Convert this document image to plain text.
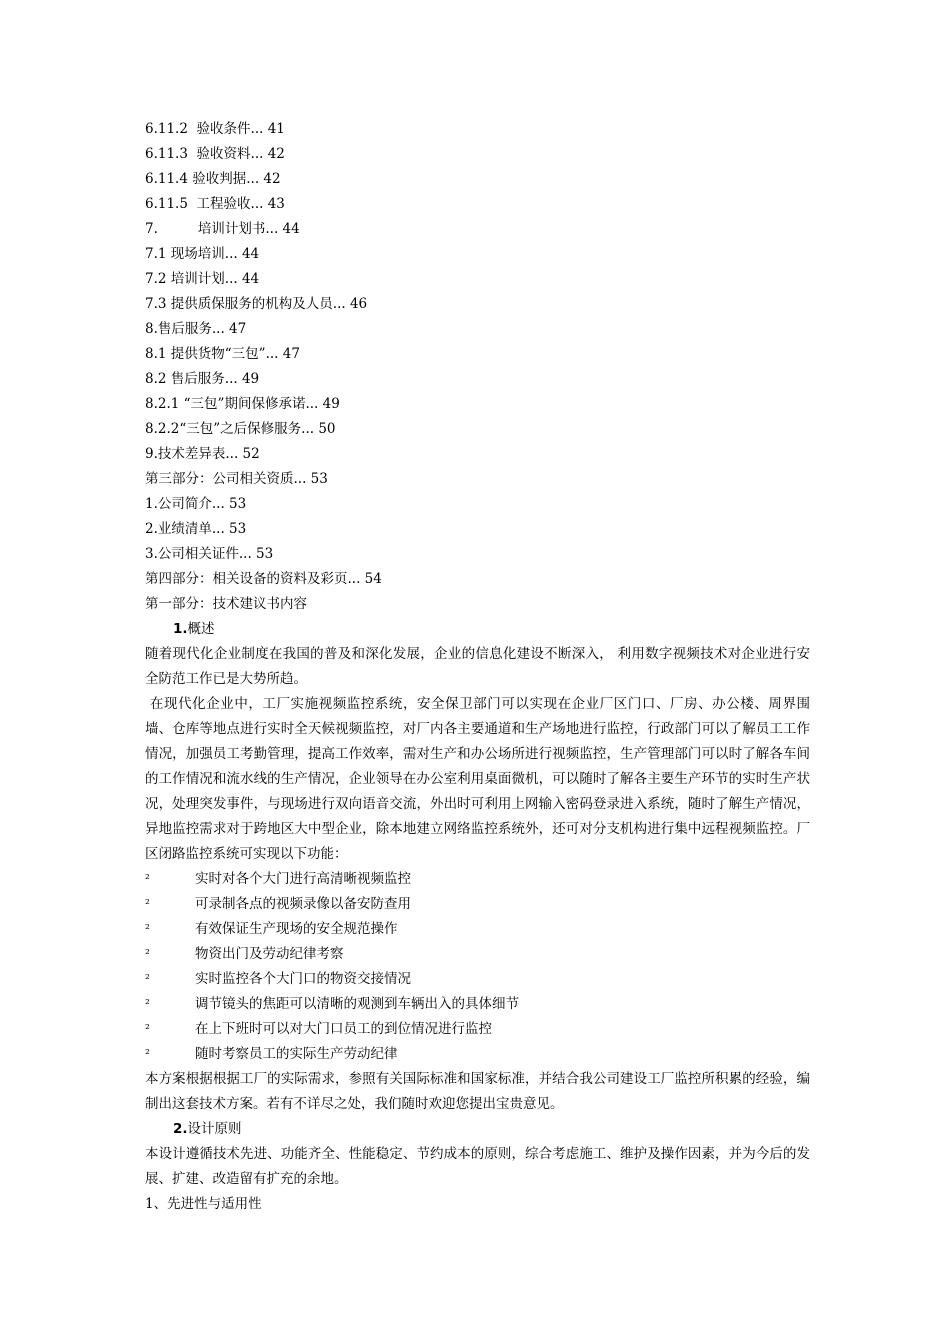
6.11.2 验收条件... 41
6.11.3 验收资料... 42
6.11.4 验收判据... 42
6.11.5 工程验收... 43
7.	培训计划书... 44
7.1 现场培训... 44
7.2 培训计划... 44
7.3 提供质保服务的机构及人员... 46
8.售后服务... 47
8.1 提供货物“三包”... 47
8.2 售后服务... 49
8.2.1 “三包”期间保修承诺... 49
8.2.2“三包”之后保修服务... 50
9.技术差异表... 52
第三部分：公司相关资质... 53
1.公司简介... 53
2.业绩清单... 53
3.公司相关证件... 53
第四部分：相关设备的资料及彩页... 54
第一部分：技术建议书内容
1.概述
随着现代化企业制度在我国的普及和深化发展，企业的信息化建设不断深入， 利用数字视频技术对企业进行安全防范工作已是大势所趋。
在现代化企业中，工厂实施视频监控系统，安全保卫部门可以实现在企业厂区门口、厂房、办公楼、周界围墙、仓库等地点进行实时全天候视频监控，对厂内各主要通道和生产场地进行监控，行政部门可以了解员工工作情况，加强员工考勤管理，提高工作效率，需对生产和办公场所进行视频监控，生产管理部门可以时了解各车间的工作情况和流水线的生产情况，企业领导在办公室利用桌面微机，可以随时了解各主要生产环节的实时生产状况，处理突发事件，与现场进行双向语音交流，外出时可利用上网输入密码登录进入系统，随时了解生产情况，异地监控需求对于跨地区大中型企业，除本地建立网络监控系统外，还可对分支机构进行集中远程视频监控。厂区闭路监控系统可实现以下功能：
²	实时对各个大门进行高清晰视频监控
²	可录制各点的视频录像以备安防查用
²	有效保证生产现场的安全规范操作
²	物资出门及劳动纪律考察
²	实时监控各个大门口的物资交接情况
²	调节镜头的焦距可以清晰的观测到车辆出入的具体细节
²	在上下班时可以对大门口员工的到位情况进行监控
²	随时考察员工的实际生产劳动纪律
本方案根据根据工厂的实际需求，参照有关国际标准和国家标准，并结合我公司建设工厂监控所积累的经验，编制出这套技术方案。若有不详尽之处，我们随时欢迎您提出宝贵意见。
2.设计原则
本设计遵循技术先进、功能齐全、性能稳定、节约成本的原则，综合考虑施工、维护及操作因素，并为今后的发展、扩建、改造留有扩充的余地。
1、先进性与适用性
